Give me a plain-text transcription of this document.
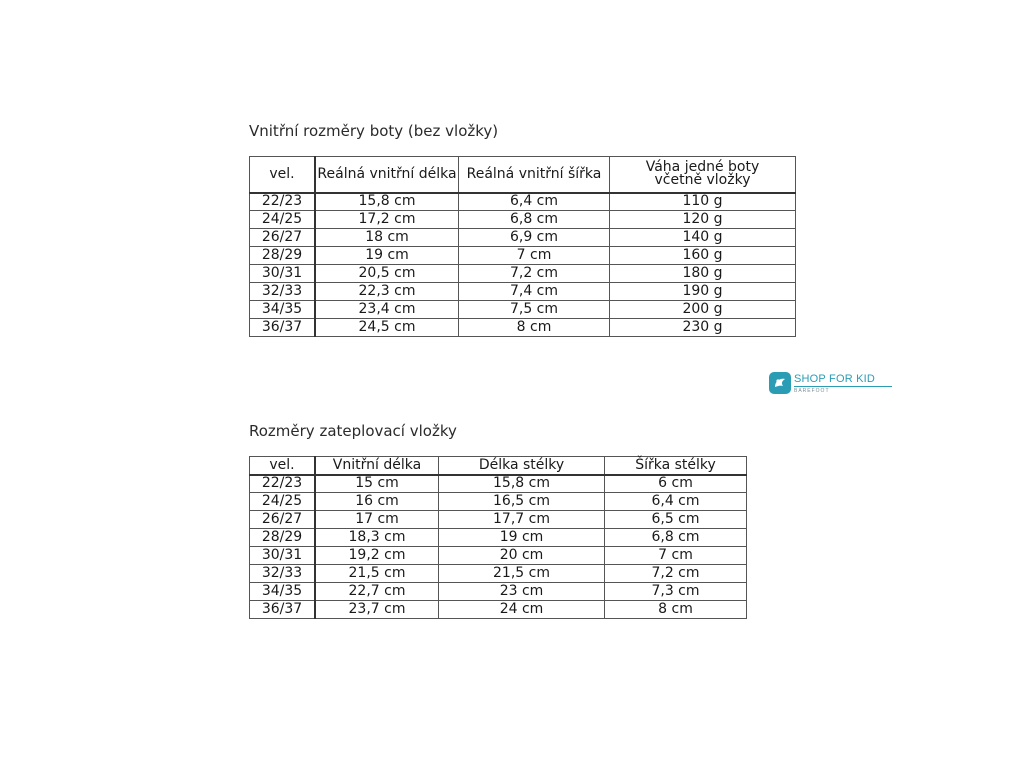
Vnitřní rozměry boty (bez vložky)
vel.	Reálná vnitřní délka	Reálná vnitřní šířka	Váha jedné boty včetně vložky
22/23	15,8 cm	6,4 cm	110 g
24/25	17,2 cm	6,8 cm	120 g
26/27	18 cm	6,9 cm	140 g
28/29	19 cm	7 cm	160 g
30/31	20,5 cm	7,2 cm	180 g
32/33	22,3 cm	7,4 cm	190 g
34/35	23,4 cm	7,5 cm	200 g
36/37	24,5 cm	8 cm	230 g
SHOP FOR KID
BAREFOOT
Rozměry zateplovací vložky
vel.	Vnitřní délka	Délka stélky	Šířka stélky
22/23	15 cm	15,8 cm	6 cm
24/25	16 cm	16,5 cm	6,4 cm
26/27	17 cm	17,7 cm	6,5 cm
28/29	18,3 cm	19 cm	6,8 cm
30/31	19,2 cm	20 cm	7 cm
32/33	21,5 cm	21,5 cm	7,2 cm
34/35	22,7 cm	23 cm	7,3 cm
36/37	23,7 cm	24 cm	8 cm
